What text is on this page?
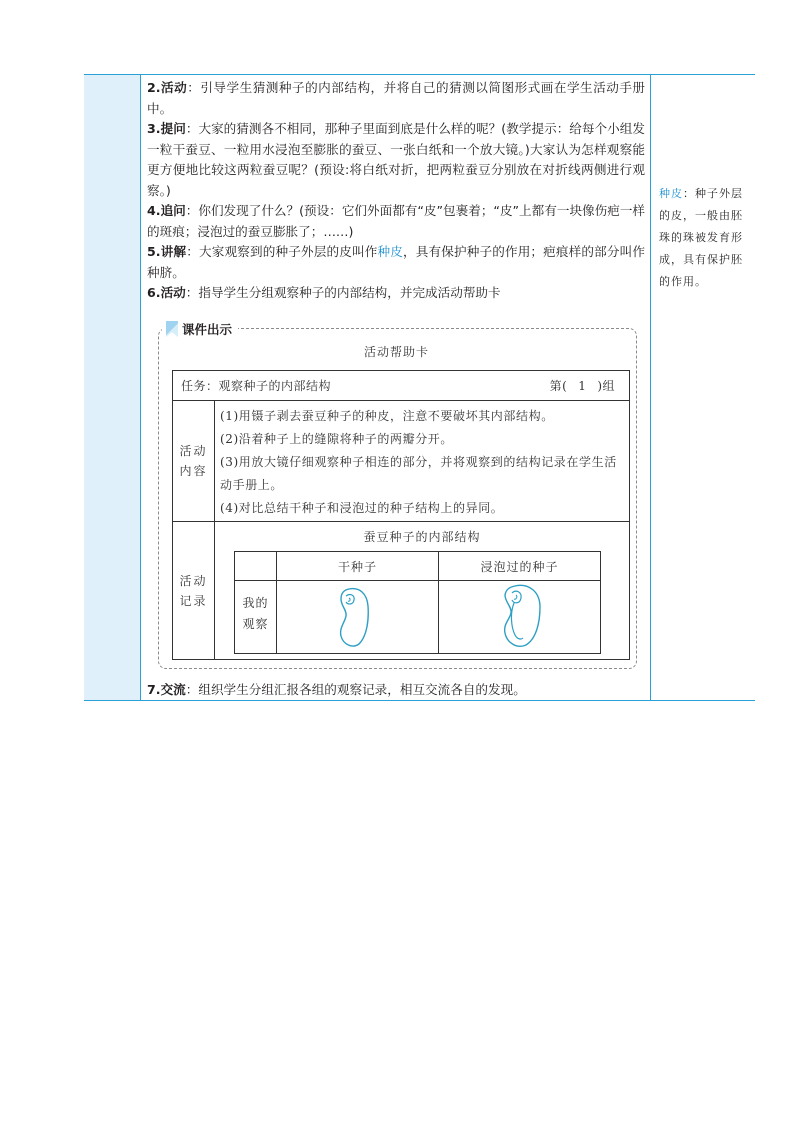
2.活动：引导学生猜测种子的内部结构，并将自己的猜测以简图形式画在学生活动手册中。

3.提问：大家的猜测各不相同，那种子里面到底是什么样的呢？(教学提示：给每个小组发一粒干蚕豆、一粒用水浸泡至膨胀的蚕豆、一张白纸和一个放大镜。)大家认为怎样观察能更方便地比较这两粒蚕豆呢？(预设:将白纸对折，把两粒蚕豆分别放在对折线两侧进行观察。)

4.追问：你们发现了什么？(预设：它们外面都有“皮”包裹着；“皮”上都有一块像伤疤一样的斑痕；浸泡过的蚕豆膨胀了；……)

5.讲解：大家观察到的种子外层的皮叫作种皮，具有保护种子的作用；疤痕样的部分叫作种脐。

6.活动：指导学生分组观察种子的内部结构，并完成活动帮助卡

种皮：种子外层的皮，一般由胚珠的珠被发育形成，具有保护胚的作用。
课件出示
活动帮助卡
任务：观察种子的内部结构	第( 1 )组
活动内容

(1)用镊子剥去蚕豆种子的种皮，注意不要破坏其内部结构。

(2)沿着种子上的缝隙将种子的两瓣分开。

(3)用放大镜仔细观察种子相连的部分，并将观察到的结构记录在学生活动手册上。

(4)对比总结干种子和浸泡过的种子结构上的异同。

活动记录
蚕豆种子的内部结构
干种子	浸泡过的种子
我的观察
7.交流：组织学生分组汇报各组的观察记录，相互交流各自的发现。
